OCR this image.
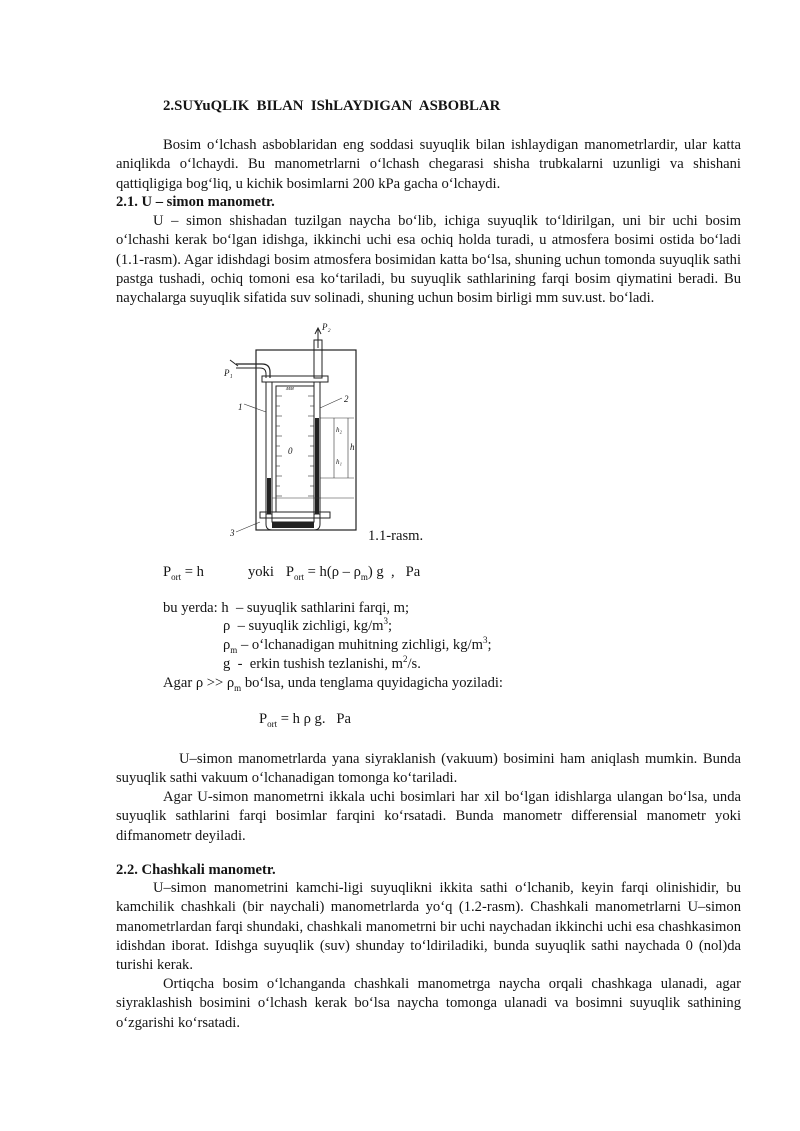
2.SUYuQLIK  BILAN  IShLAYDIGAN  ASBOBLAR

Bosim o‘lchash asboblaridan eng soddasi suyuqlik bilan ishlaydigan manometrlardir, ular katta aniqlikda o‘lchaydi. Bu manometrlarni o‘lchash chegarasi shisha trubkalarni uzunligi va shishani qattiqligiga bog‘liq, u kichik bosimlarni 200 kPa gacha o‘lchaydi.

2.1. U – simon manometr.

U – simon shishadan tuzilgan naycha bo‘lib, ichiga suyuqlik to‘ldirilgan, uni bir uchi bosim o‘lchashi kerak bo‘lgan idishga, ikkinchi uchi esa ochiq holda turadi, u atmosfera bosimi ostida bo‘ladi (1.1-rasm). Agar idishdagi bosim atmosfera bosimidan katta bo‘lsa, shuning uchun tomonda suyuqlik sathi pastga tushadi, ochiq tomoni esa ko‘tariladi, bu suyuqlik sathlarining farqi bosim qiymatini beradi. Bu naychalarga suyuqlik sifatida suv solinadi, shuning uchun bosim birligi mm suv.ust. bo‘ladi.

P₂
P₁
1
2
3
0
h₂
h₁
h
мм
1.1-rasm.
$P_{ort} = h$	yoki $P_{ort} = h(\rho - \rho_m)$ g  ,   Pa
bu yerda: h  – suyuqlik sathlarini farqi, m;
ρ  – suyuqlik zichligi, $kg/m^3$;
$\rho_m$ – o‘lchanadigan muhitning zichligi, $kg/m^3$;
g  -  erkin tushish tezlanishi, $m^2/s$.
Agar $\rho >> \rho_m$ bo‘lsa, unda tenglama quyidagicha yoziladi:
$P_{ort} = h$ ρ g.   Pa

U–simon manometrlarda yana siyraklanish (vakuum) bosimini ham aniqlash mumkin. Bunda suyuqlik sathi vakuum o‘lchanadigan tomonga ko‘tariladi.

Agar U-simon manometrni ikkala uchi bosimlari har xil bo‘lgan idishlarga ulangan bo‘lsa, unda suyuqlik sathlarini farqi bosimlar farqini ko‘rsatadi. Bunda manometr differensial manometr yoki difmanometr deyiladi.

2.2. Chashkali manometr.

U–simon manometrini kamchi-ligi suyuqlikni ikkita sathi o‘lchanib, keyin farqi olinishidir, bu kamchilik chashkali (bir naychali) manometrlarda yo‘q (1.2-rasm). Chashkali manometrlarni U–simon manometrlardan farqi shundaki, chashkali manometrni bir uchi naychadan ikkinchi uchi esa chashkasimon idishdan iborat. Idishga suyuqlik (suv) shunday to‘ldiriladiki, bunda suyuqlik sathi naychada 0 (nol)da turishi kerak.

Ortiqcha bosim o‘lchanganda chashkali manometrga naycha orqali chashkaga ulanadi, agar siyraklashish bosimini o‘lchash kerak bo‘lsa naycha tomonga ulanadi va bosimni suyuqlik sathining o‘zgarishi ko‘rsatadi.
